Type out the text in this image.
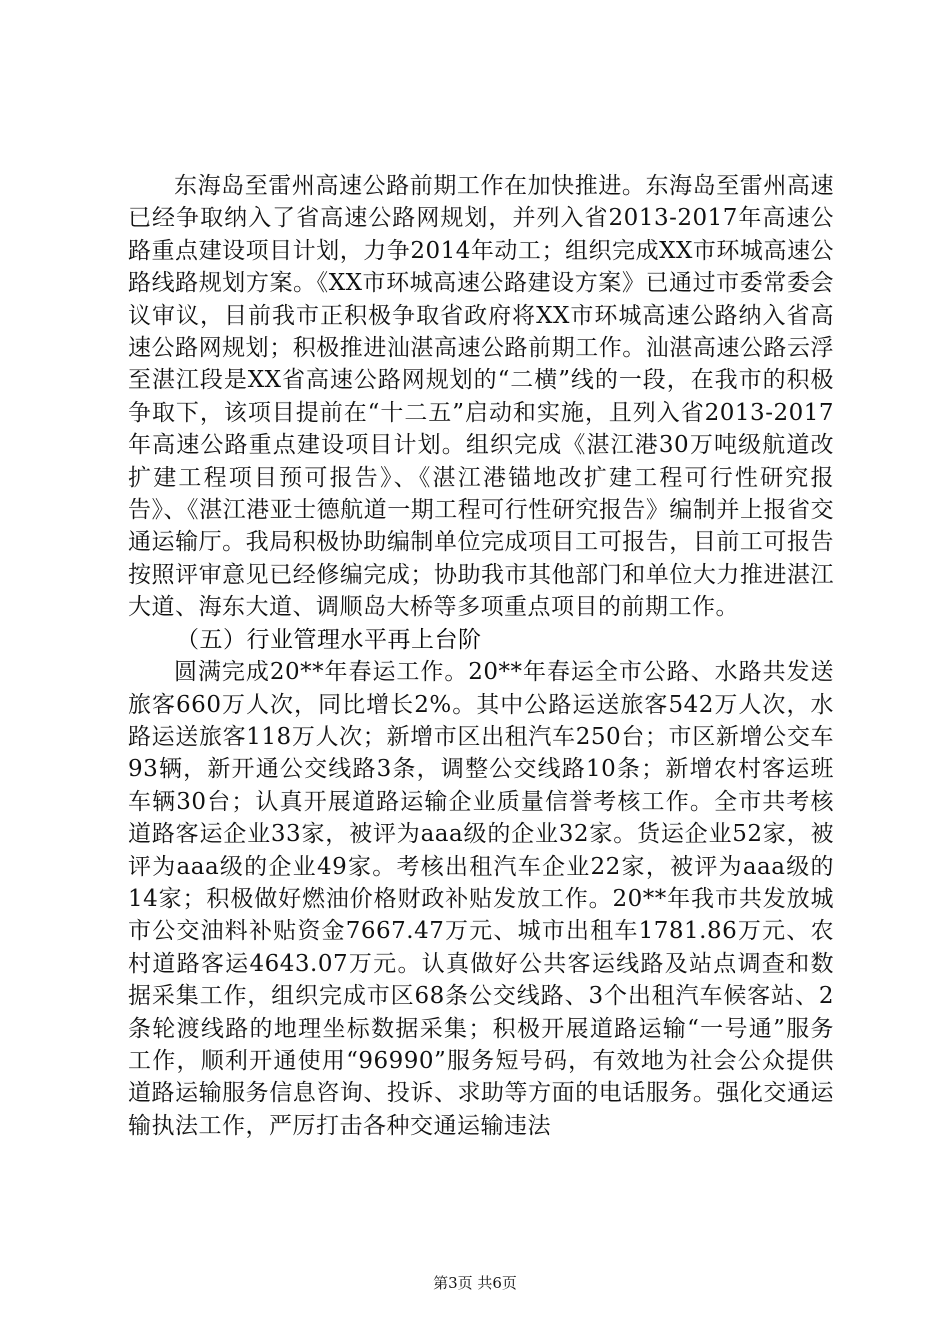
东海岛至雷州高速公路前期工作在加快推进。东海岛至雷州高速已经争取纳入了省高速公路网规划，并列入省2013-2017年高速公路重点建设项目计划，力争2014年动工；组织完成XX市环城高速公路线路规划方案。《XX市环城高速公路建设方案》已通过市委常委会议审议，目前我市正积极争取省政府将XX市环城高速公路纳入省高速公路网规划；积极推进汕湛高速公路前期工作。汕湛高速公路云浮至湛江段是XX省高速公路网规划的“二横”线的一段，在我市的积极争取下，该项目提前在“十二五”启动和实施，且列入省2013-2017年高速公路重点建设项目计划。组织完成《湛江港30万吨级航道改扩建工程项目预可报告》、《湛江港锚地改扩建工程可行性研究报告》、《湛江港亚士德航道一期工程可行性研究报告》编制并上报省交通运输厅。我局积极协助编制单位完成项目工可报告，目前工可报告按照评审意见已经修编完成；协助我市其他部门和单位大力推进湛江大道、海东大道、调顺岛大桥等多项重点项目的前期工作。

（五）行业管理水平再上台阶

圆满完成20**年春运工作。20**年春运全市公路、水路共发送旅客660万人次，同比增长2%。其中公路运送旅客542万人次，水路运送旅客118万人次；新增市区出租汽车250台；市区新增公交车93辆，新开通公交线路3条，调整公交线路10条；新增农村客运班车辆30台；认真开展道路运输企业质量信誉考核工作。全市共考核道路客运企业33家，被评为aaa级的企业32家。货运企业52家，被评为aaa级的企业49家。考核出租汽车企业22家，被评为aaa级的14家；积极做好燃油价格财政补贴发放工作。20**年我市共发放城市公交油料补贴资金7667.47万元、城市出租车1781.86万元、农村道路客运4643.07万元。认真做好公共客运线路及站点调查和数据采集工作，组织完成市区68条公交线路、3个出租汽车候客站、2条轮渡线路的地理坐标数据采集；积极开展道路运输“一号通”服务工作，顺利开通使用“96990”服务短号码，有效地为社会公众提供道路运输服务信息咨询、投诉、求助等方面的电话服务。强化交通运输执法工作，严厉打击各种交通运输违法

第3页 共6页
